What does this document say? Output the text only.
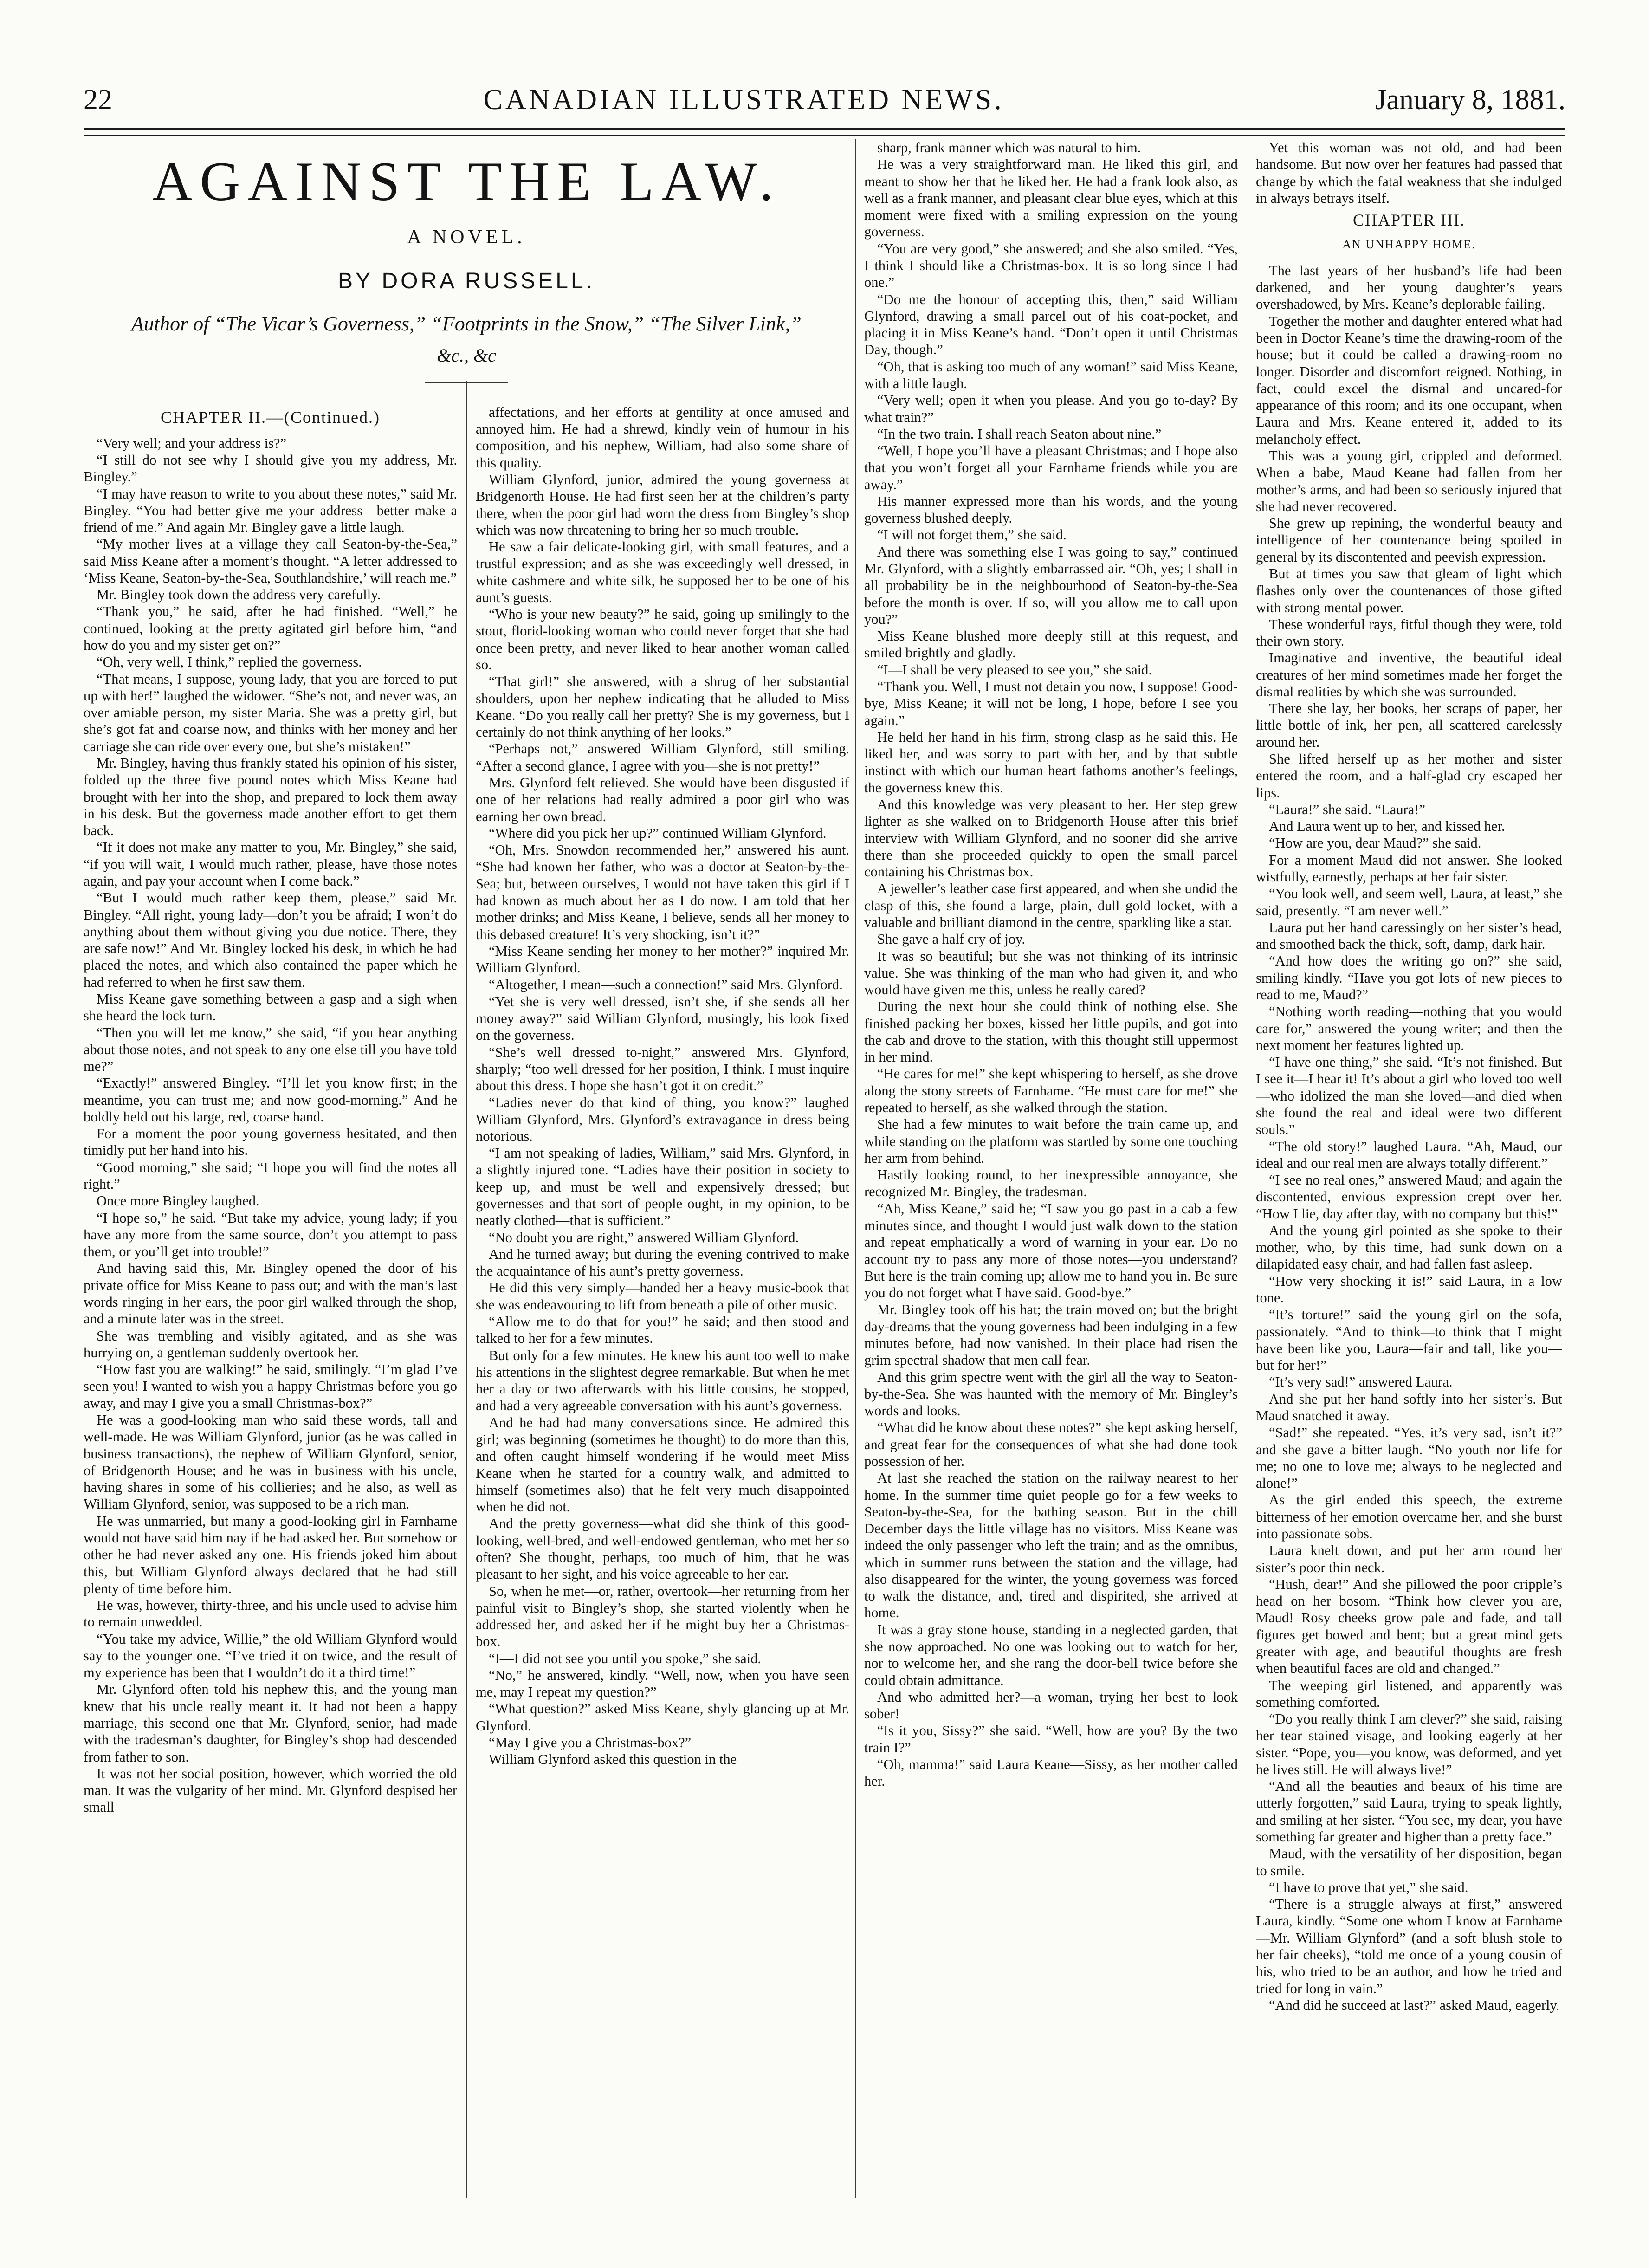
22	CANADIAN ILLUSTRATED NEWS.	January 8, 1881.
AGAINST THE LAW.
A NOVEL.
BY DORA RUSSELL.
Author of “The Vicar’s Governess,” “Footprints in the Snow,” “The Silver Link,”
&c., &c
CHAPTER II.—(Continued.)

“Very well; and your address is?”

“I still do not see why I should give you my address, Mr. Bingley.”

“I may have reason to write to you about these notes,” said Mr. Bingley. “You had better give me your address—better make a friend of me.” And again Mr. Bingley gave a little laugh.

“My mother lives at a village they call Seaton-by-the-Sea,” said Miss Keane after a moment’s thought. “A letter addressed to ‘Miss Keane, Seaton-by-the-Sea, Southlandshire,’ will reach me.”

Mr. Bingley took down the address very carefully.

“Thank you,” he said, after he had finished. “Well,” he continued, looking at the pretty agitated girl before him, “and how do you and my sister get on?”

“Oh, very well, I think,” replied the governess.

“That means, I suppose, young lady, that you are forced to put up with her!” laughed the widower. “She’s not, and never was, an over amiable person, my sister Maria. She was a pretty girl, but she’s got fat and coarse now, and thinks with her money and her carriage she can ride over every one, but she’s mistaken!”

Mr. Bingley, having thus frankly stated his opinion of his sister, folded up the three five pound notes which Miss Keane had brought with her into the shop, and prepared to lock them away in his desk. But the governess made another effort to get them back.

“If it does not make any matter to you, Mr. Bingley,” she said, “if you will wait, I would much rather, please, have those notes again, and pay your account when I come back.”

“But I would much rather keep them, please,” said Mr. Bingley. “All right, young lady—don’t you be afraid; I won’t do anything about them without giving you due notice. There, they are safe now!” And Mr. Bingley locked his desk, in which he had placed the notes, and which also contained the paper which he had referred to when he first saw them.

Miss Keane gave something between a gasp and a sigh when she heard the lock turn.

“Then you will let me know,” she said, “if you hear anything about those notes, and not speak to any one else till you have told me?”

“Exactly!” answered Bingley. “I’ll let you know first; in the meantime, you can trust me; and now good-morning.” And he boldly held out his large, red, coarse hand.

For a moment the poor young governess hesitated, and then timidly put her hand into his.

“Good morning,” she said; “I hope you will find the notes all right.”

Once more Bingley laughed.

“I hope so,” he said. “But take my advice, young lady; if you have any more from the same source, don’t you attempt to pass them, or you’ll get into trouble!”

And having said this, Mr. Bingley opened the door of his private office for Miss Keane to pass out; and with the man’s last words ringing in her ears, the poor girl walked through the shop, and a minute later was in the street.

She was trembling and visibly agitated, and as she was hurrying on, a gentleman suddenly overtook her.

“How fast you are walking!” he said, smilingly. “I’m glad I’ve seen you! I wanted to wish you a happy Christmas before you go away, and may I give you a small Christmas-box?”

He was a good-looking man who said these words, tall and well-made. He was William Glynford, junior (as he was called in business transactions), the nephew of William Glynford, senior, of Bridgenorth House; and he was in business with his uncle, having shares in some of his collieries; and he also, as well as William Glynford, senior, was supposed to be a rich man.

He was unmarried, but many a good-looking girl in Farnhame would not have said him nay if he had asked her. But somehow or other he had never asked any one. His friends joked him about this, but William Glynford always declared that he had still plenty of time before him.

He was, however, thirty-three, and his uncle used to advise him to remain unwedded.

“You take my advice, Willie,” the old William Glynford would say to the younger one. “I’ve tried it on twice, and the result of my experience has been that I wouldn’t do it a third time!”

Mr. Glynford often told his nephew this, and the young man knew that his uncle really meant it. It had not been a happy marriage, this second one that Mr. Glynford, senior, had made with the tradesman’s daughter, for Bingley’s shop had descended from father to son.

It was not her social position, however, which worried the old man. It was the vulgarity of her mind. Mr. Glynford despised her small

affectations, and her efforts at gentility at once amused and annoyed him. He had a shrewd, kindly vein of humour in his composition, and his nephew, William, had also some share of this quality.

William Glynford, junior, admired the young governess at Bridgenorth House. He had first seen her at the children’s party there, when the poor girl had worn the dress from Bingley’s shop which was now threatening to bring her so much trouble.

He saw a fair delicate-looking girl, with small features, and a trustful expression; and as she was exceedingly well dressed, in white cashmere and white silk, he supposed her to be one of his aunt’s guests.

“Who is your new beauty?” he said, going up smilingly to the stout, florid-looking woman who could never forget that she had once been pretty, and never liked to hear another woman called so.

“That girl!” she answered, with a shrug of her substantial shoulders, upon her nephew indicating that he alluded to Miss Keane. “Do you really call her pretty? She is my governess, but I certainly do not think anything of her looks.”

“Perhaps not,” answered William Glynford, still smiling. “After a second glance, I agree with you—she is not pretty!”

Mrs. Glynford felt relieved. She would have been disgusted if one of her relations had really admired a poor girl who was earning her own bread.

“Where did you pick her up?” continued William Glynford.

“Oh, Mrs. Snowdon recommended her,” answered his aunt. “She had known her father, who was a doctor at Seaton-by-the-Sea; but, between ourselves, I would not have taken this girl if I had known as much about her as I do now. I am told that her mother drinks; and Miss Keane, I believe, sends all her money to this debased creature! It’s very shocking, isn’t it?”

“Miss Keane sending her money to her mother?” inquired Mr. William Glynford.

“Altogether, I mean—such a connection!” said Mrs. Glynford.

“Yet she is very well dressed, isn’t she, if she sends all her money away?” said William Glynford, musingly, his look fixed on the governess.

“She’s well dressed to-night,” answered Mrs. Glynford, sharply; “too well dressed for her position, I think. I must inquire about this dress. I hope she hasn’t got it on credit.”

“Ladies never do that kind of thing, you know?” laughed William Glynford, Mrs. Glynford’s extravagance in dress being notorious.

“I am not speaking of ladies, William,” said Mrs. Glynford, in a slightly injured tone. “Ladies have their position in society to keep up, and must be well and expensively dressed; but governesses and that sort of people ought, in my opinion, to be neatly clothed—that is sufficient.”

“No doubt you are right,” answered William Glynford.

And he turned away; but during the evening contrived to make the acquaintance of his aunt’s pretty governess.

He did this very simply—handed her a heavy music-book that she was endeavouring to lift from beneath a pile of other music.

“Allow me to do that for you!” he said; and then stood and talked to her for a few minutes.

But only for a few minutes. He knew his aunt too well to make his attentions in the slightest degree remarkable. But when he met her a day or two afterwards with his little cousins, he stopped, and had a very agreeable conversation with his aunt’s governess.

And he had had many conversations since. He admired this girl; was beginning (sometimes he thought) to do more than this, and often caught himself wondering if he would meet Miss Keane when he started for a country walk, and admitted to himself (sometimes also) that he felt very much disappointed when he did not.

And the pretty governess—what did she think of this good-looking, well-bred, and well-endowed gentleman, who met her so often? She thought, perhaps, too much of him, that he was pleasant to her sight, and his voice agreeable to her ear.

So, when he met—or, rather, overtook—her returning from her painful visit to Bingley’s shop, she started violently when he addressed her, and asked her if he might buy her a Christmas-box.

“I—I did not see you until you spoke,” she said.

“No,” he answered, kindly. “Well, now, when you have seen me, may I repeat my question?”

“What question?” asked Miss Keane, shyly glancing up at Mr. Glynford.

“May I give you a Christmas-box?”

William Glynford asked this question in the

sharp, frank manner which was natural to him.

He was a very straightforward man. He liked this girl, and meant to show her that he liked her. He had a frank look also, as well as a frank manner, and pleasant clear blue eyes, which at this moment were fixed with a smiling expression on the young governess.

“You are very good,” she answered; and she also smiled. “Yes, I think I should like a Christmas-box. It is so long since I had one.”

“Do me the honour of accepting this, then,” said William Glynford, drawing a small parcel out of his coat-pocket, and placing it in Miss Keane’s hand. “Don’t open it until Christmas Day, though.”

“Oh, that is asking too much of any woman!” said Miss Keane, with a little laugh.

“Very well; open it when you please. And you go to-day? By what train?”

“In the two train. I shall reach Seaton about nine.”

“Well, I hope you’ll have a pleasant Christmas; and I hope also that you won’t forget all your Farnhame friends while you are away.”

His manner expressed more than his words, and the young governess blushed deeply.

“I will not forget them,” she said.

And there was something else I was going to say,” continued Mr. Glynford, with a slightly embarrassed air. “Oh, yes; I shall in all probability be in the neighbourhood of Seaton-by-the-Sea before the month is over. If so, will you allow me to call upon you?”

Miss Keane blushed more deeply still at this request, and smiled brightly and gladly.

“I—I shall be very pleased to see you,” she said.

“Thank you. Well, I must not detain you now, I suppose! Good-bye, Miss Keane; it will not be long, I hope, before I see you again.”

He held her hand in his firm, strong clasp as he said this. He liked her, and was sorry to part with her, and by that subtle instinct with which our human heart fathoms another’s feelings, the governess knew this.

And this knowledge was very pleasant to her. Her step grew lighter as she walked on to Bridgenorth House after this brief interview with William Glynford, and no sooner did she arrive there than she proceeded quickly to open the small parcel containing his Christmas box.

A jeweller’s leather case first appeared, and when she undid the clasp of this, she found a large, plain, dull gold locket, with a valuable and brilliant diamond in the centre, sparkling like a star.

She gave a half cry of joy.

It was so beautiful; but she was not thinking of its intrinsic value. She was thinking of the man who had given it, and who would have given me this, unless he really cared?

During the next hour she could think of nothing else. She finished packing her boxes, kissed her little pupils, and got into the cab and drove to the station, with this thought still uppermost in her mind.

“He cares for me!” she kept whispering to herself, as she drove along the stony streets of Farnhame. “He must care for me!” she repeated to herself, as she walked through the station.

She had a few minutes to wait before the train came up, and while standing on the platform was startled by some one touching her arm from behind.

Hastily looking round, to her inexpressible annoyance, she recognized Mr. Bingley, the tradesman.

“Ah, Miss Keane,” said he; “I saw you go past in a cab a few minutes since, and thought I would just walk down to the station and repeat emphatically a word of warning in your ear. Do no account try to pass any more of those notes—you understand? But here is the train coming up; allow me to hand you in. Be sure you do not forget what I have said. Good-bye.”

Mr. Bingley took off his hat; the train moved on; but the bright day-dreams that the young governess had been indulging in a few minutes before, had now vanished. In their place had risen the grim spectral shadow that men call fear.

And this grim spectre went with the girl all the way to Seaton-by-the-Sea. She was haunted with the memory of Mr. Bingley’s words and looks.

“What did he know about these notes?” she kept asking herself, and great fear for the consequences of what she had done took possession of her.

At last she reached the station on the railway nearest to her home. In the summer time quiet people go for a few weeks to Seaton-by-the-Sea, for the bathing season. But in the chill December days the little village has no visitors. Miss Keane was indeed the only passenger who left the train; and as the omnibus, which in summer runs between the station and the village, had also disappeared for the winter, the young governess was forced to walk the distance, and, tired and dispirited, she arrived at home.

It was a gray stone house, standing in a neglected garden, that she now approached. No one was looking out to watch for her, nor to welcome her, and she rang the door-bell twice before she could obtain admittance.

And who admitted her?—a woman, trying her best to look sober!

“Is it you, Sissy?” she said. “Well, how are you? By the two train I?”

“Oh, mamma!” said Laura Keane—Sissy, as her mother called her.

Yet this woman was not old, and had been handsome. But now over her features had passed that change by which the fatal weakness that she indulged in always betrays itself.

CHAPTER III.
AN UNHAPPY HOME.

The last years of her husband’s life had been darkened, and her young daughter’s years overshadowed, by Mrs. Keane’s deplorable failing.

Together the mother and daughter entered what had been in Doctor Keane’s time the drawing-room of the house; but it could be called a drawing-room no longer. Disorder and discomfort reigned. Nothing, in fact, could excel the dismal and uncared-for appearance of this room; and its one occupant, when Laura and Mrs. Keane entered it, added to its melancholy effect.

This was a young girl, crippled and deformed. When a babe, Maud Keane had fallen from her mother’s arms, and had been so seriously injured that she had never recovered.

She grew up repining, the wonderful beauty and intelligence of her countenance being spoiled in general by its discontented and peevish expression.

But at times you saw that gleam of light which flashes only over the countenances of those gifted with strong mental power.

These wonderful rays, fitful though they were, told their own story.

Imaginative and inventive, the beautiful ideal creatures of her mind sometimes made her forget the dismal realities by which she was surrounded.

There she lay, her books, her scraps of paper, her little bottle of ink, her pen, all scattered carelessly around her.

She lifted herself up as her mother and sister entered the room, and a half-glad cry escaped her lips.

“Laura!” she said. “Laura!”

And Laura went up to her, and kissed her.

“How are you, dear Maud?” she said.

For a moment Maud did not answer. She looked wistfully, earnestly, perhaps at her fair sister.

“You look well, and seem well, Laura, at least,” she said, presently. “I am never well.”

Laura put her hand caressingly on her sister’s head, and smoothed back the thick, soft, damp, dark hair.

“And how does the writing go on?” she said, smiling kindly. “Have you got lots of new pieces to read to me, Maud?”

“Nothing worth reading—nothing that you would care for,” answered the young writer; and then the next moment her features lighted up.

“I have one thing,” she said. “It’s not finished. But I see it—I hear it! It’s about a girl who loved too well—who idolized the man she loved—and died when she found the real and ideal were two different souls.”

“The old story!” laughed Laura. “Ah, Maud, our ideal and our real men are always totally different.”

“I see no real ones,” answered Maud; and again the discontented, envious expression crept over her. “How I lie, day after day, with no company but this!”

And the young girl pointed as she spoke to their mother, who, by this time, had sunk down on a dilapidated easy chair, and had fallen fast asleep.

“How very shocking it is!” said Laura, in a low tone.

“It’s torture!” said the young girl on the sofa, passionately. “And to think—to think that I might have been like you, Laura—fair and tall, like you—but for her!”

“It’s very sad!” answered Laura.

And she put her hand softly into her sister’s. But Maud snatched it away.

“Sad!” she repeated. “Yes, it’s very sad, isn’t it?” and she gave a bitter laugh. “No youth nor life for me; no one to love me; always to be neglected and alone!”

As the girl ended this speech, the extreme bitterness of her emotion overcame her, and she burst into passionate sobs.

Laura knelt down, and put her arm round her sister’s poor thin neck.

“Hush, dear!” And she pillowed the poor cripple’s head on her bosom. “Think how clever you are, Maud! Rosy cheeks grow pale and fade, and tall figures get bowed and bent; but a great mind gets greater with age, and beautiful thoughts are fresh when beautiful faces are old and changed.”

The weeping girl listened, and apparently was something comforted.

“Do you really think I am clever?” she said, raising her tear stained visage, and looking eagerly at her sister. “Pope, you—you know, was deformed, and yet he lives still. He will always live!”

“And all the beauties and beaux of his time are utterly forgotten,” said Laura, trying to speak lightly, and smiling at her sister. “You see, my dear, you have something far greater and higher than a pretty face.”

Maud, with the versatility of her disposition, began to smile.

“I have to prove that yet,” she said.

“There is a struggle always at first,” answered Laura, kindly. “Some one whom I know at Farnhame—Mr. William Glynford” (and a soft blush stole to her fair cheeks), “told me once of a young cousin of his, who tried to be an author, and how he tried and tried for long in vain.”

“And did he succeed at last?” asked Maud, eagerly.
